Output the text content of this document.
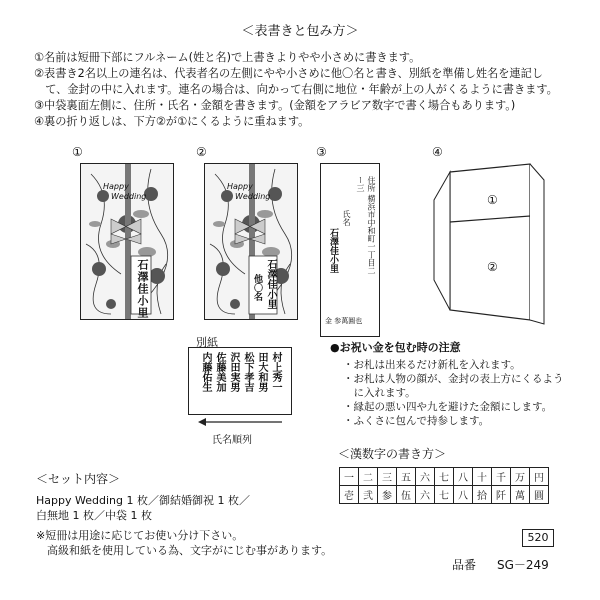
＜表書きと包み方＞
①名前は短冊下部にフルネーム(姓と名)で上書きよりやや小さめに書きます。
②表書き2名以上の連名は、代表者名の左側にやや小さめに他〇名と書き、別紙を準備し姓名を連記し
　て、金封の中に入れます。連名の場合は、向かって右側に地位・年齢が上の人がくるように書きます。
③中袋裏面左側に、住所・氏名・金額を書きます。(金額をアラビア数字で書く場合もあります。)
④裏の折り返しは、下方②が①にくるように重ねます。
①	②	③	④
Happy
Wedding
石澤佳小里
Happy
Wedding
石澤佳小里
他〇名
住所 横浜市中和町一丁目二ー三
氏名
石澤佳小里
金 参萬圓也
①
②
別紙
村上秀一
田大和男
松下孝吉
沢田実男
佐藤美加
内藤佑生
氏名順列
●お祝い金を包む時の注意
・お札は出来るだけ新札を入れます。
・お札は人物の顔が、金封の表上方にくるよう
　に入れます。
・縁起の悪い四や九を避けた金額にします。
・ふくさに包んで持参します。
＜漢数字の書き方＞
一	二	三	五	六	七	八	十	千	万	円
壱	弐	参	伍	六	七	八	拾	阡	萬	圓
＜セット内容＞
Happy Wedding 1 枚／御結婚御祝 1 枚／
白無地 1 枚／中袋 1 枚
※短冊は用途に応じてお使い分け下さい。
　高級和紙を使用している為、文字がにじむ事があります。
520
品番 SG－249
